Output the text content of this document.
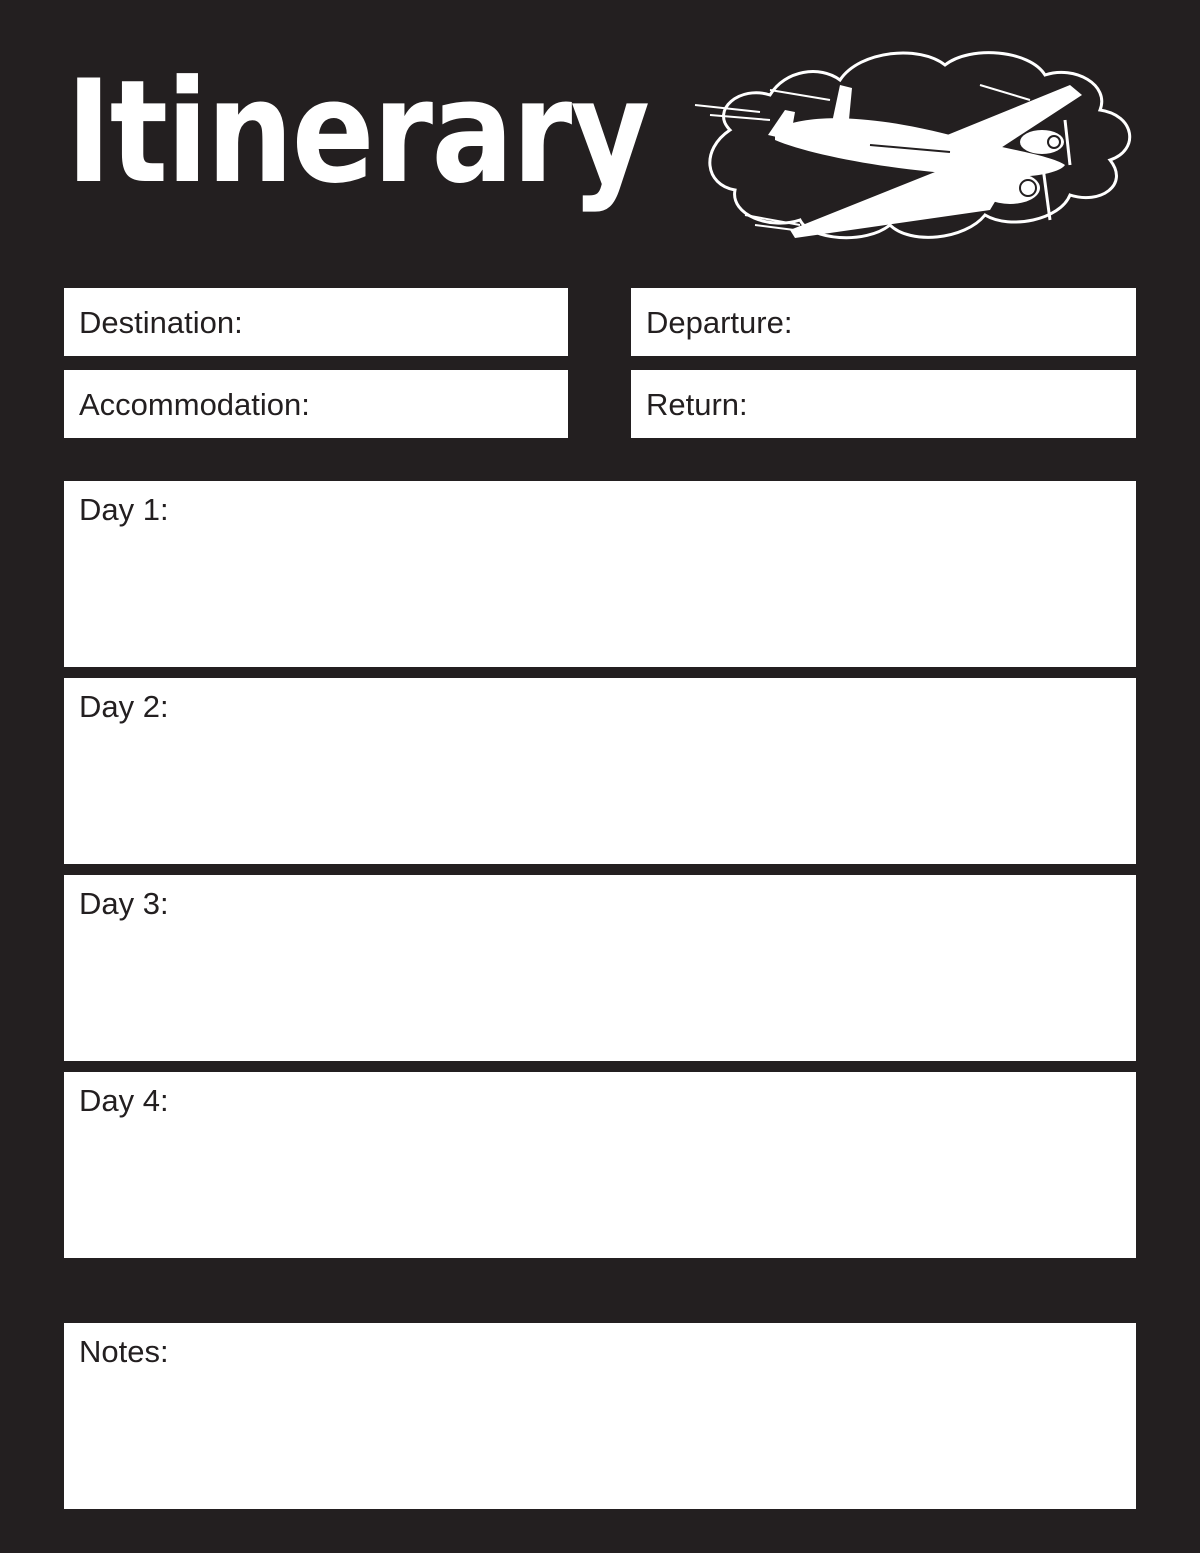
Itinerary
Destination:	Departure:
Accommodation:	Return:
Day 1:
Day 2:
Day 3:
Day 4:
Notes:
